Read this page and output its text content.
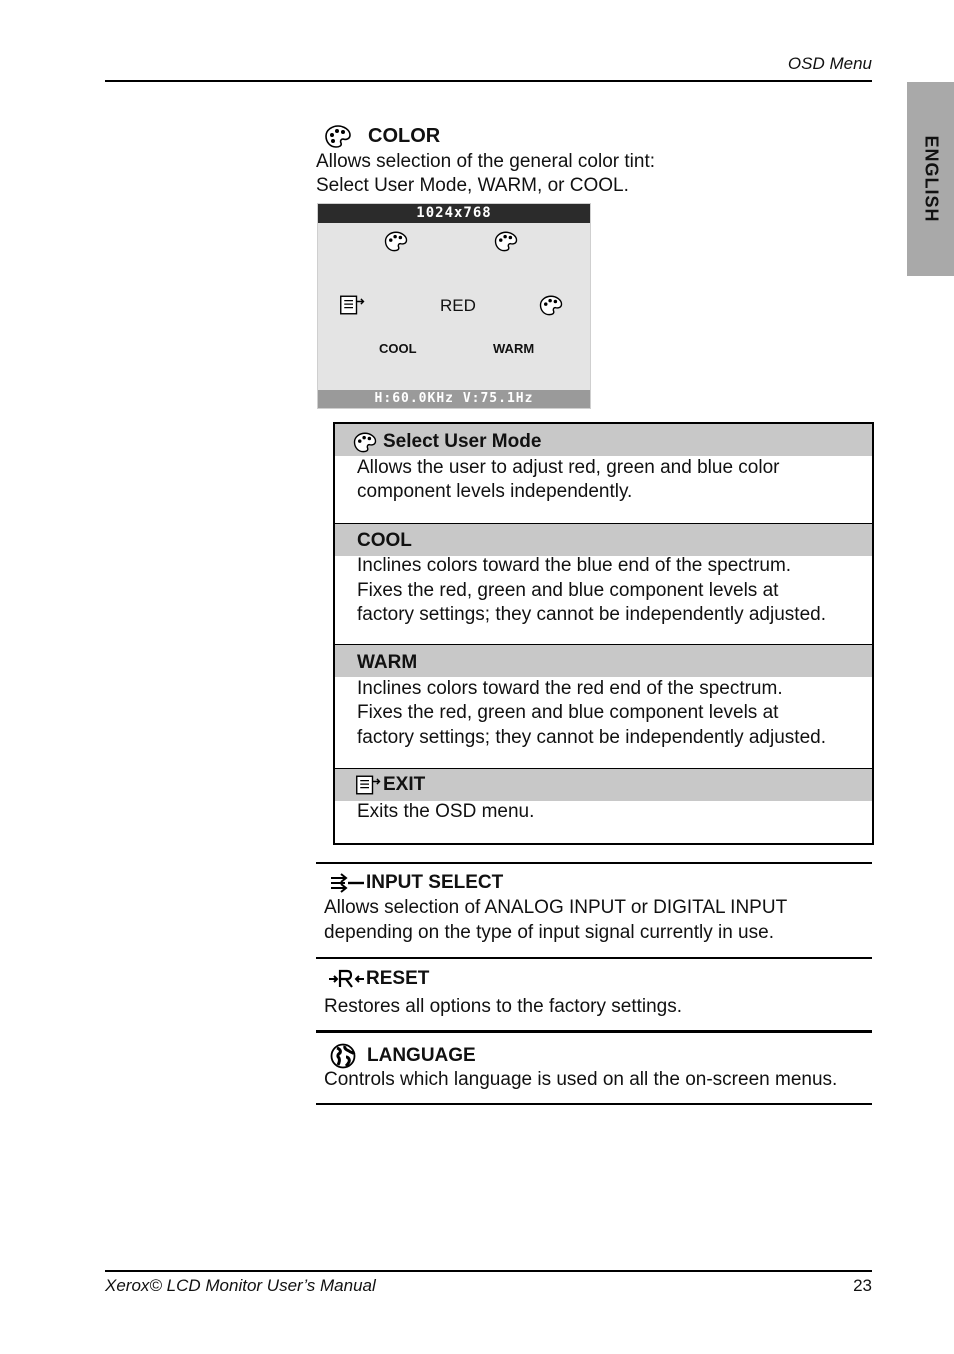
OSD Menu
ENGLISH
COLOR
Allows selection of the general color tint:
Select User Mode, WARM, or COOL.
1024x768
RED
COOL	WARM
H:60.0KHz V:75.1Hz
Select User Mode
Allows the user to adjust red, green and blue color
component levels independently.
COOL
Inclines colors toward the blue end of the spectrum.
Fixes the red, green and blue component levels at
factory settings; they cannot be independently adjusted.
WARM
Inclines colors toward the red end of the spectrum.
Fixes the red, green and blue component levels at
factory settings; they cannot be independently adjusted.
EXIT
Exits the OSD menu.
INPUT SELECT
Allows selection of ANALOG INPUT or DIGITAL INPUT
depending on the type of input signal currently in use.
RESET
Restores all options to the factory settings.
LANGUAGE
Controls which language is used on all the on-screen menus.
Xerox© LCD Monitor User’s Manual	23
